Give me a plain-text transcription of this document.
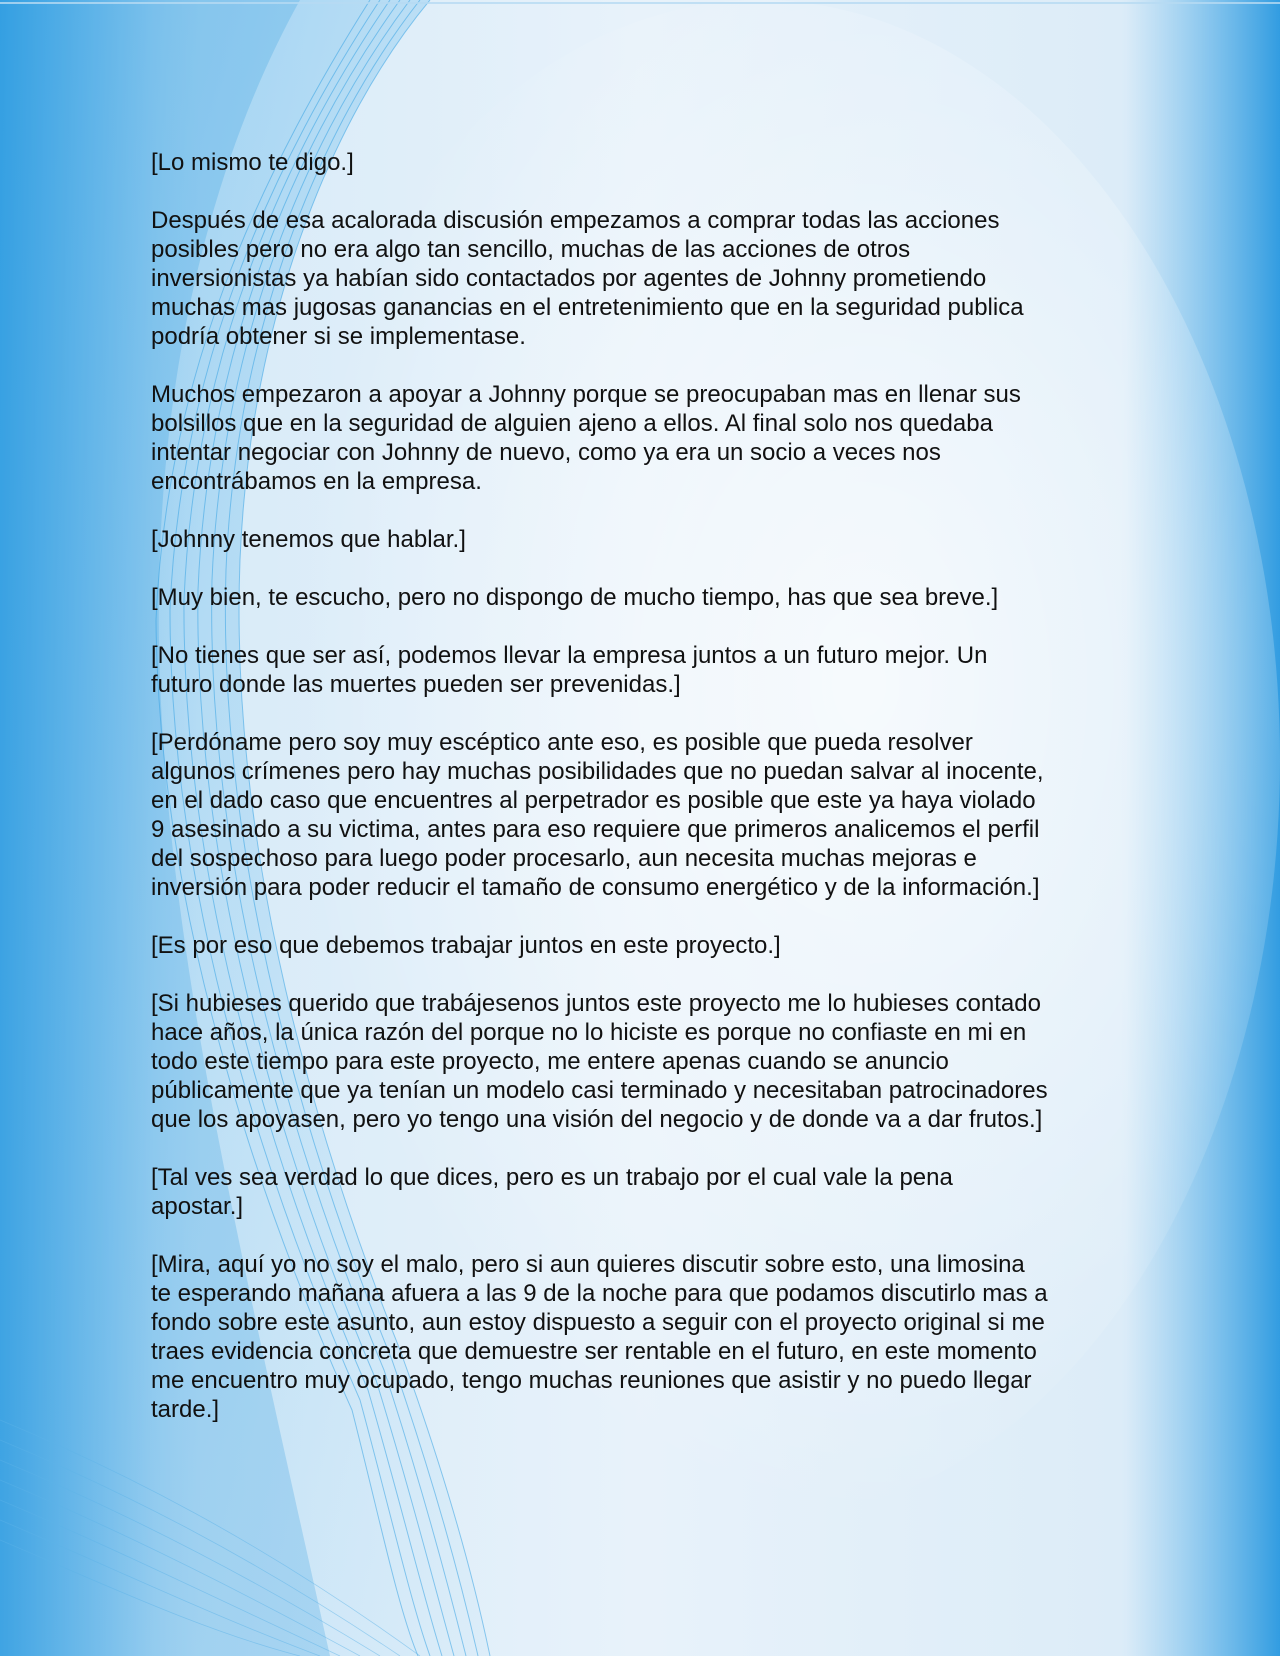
[Lo mismo te digo.]

Después de esa acalorada discusión empezamos a comprar todas las acciones
posibles pero no era algo tan sencillo, muchas de las acciones de otros
inversionistas ya habían sido contactados por agentes de Johnny prometiendo
muchas mas jugosas ganancias en el entretenimiento que en la seguridad publica
podría obtener si se implementase.

Muchos empezaron a apoyar a Johnny porque se preocupaban mas en llenar sus
bolsillos que en la seguridad de alguien ajeno a ellos. Al final solo nos quedaba
intentar negociar con Johnny de nuevo, como ya era un socio a veces nos
encontrábamos en la empresa.

[Johnny tenemos que hablar.]

[Muy bien, te escucho, pero no dispongo de mucho tiempo, has que sea breve.]

[No tienes que ser así, podemos llevar la empresa juntos a un futuro mejor. Un
futuro donde las muertes pueden ser prevenidas.]

[Perdóname pero soy muy escéptico ante eso, es posible que pueda resolver
algunos crímenes pero hay muchas posibilidades que no puedan salvar al inocente,
en el dado caso que encuentres al perpetrador es posible que este ya haya violado
9 asesinado a su victima, antes para eso requiere que primeros analicemos el perfil
del sospechoso para luego poder procesarlo, aun necesita muchas mejoras e
inversión para poder reducir el tamaño de consumo energético y de la información.]

[Es por eso que debemos trabajar juntos en este proyecto.]

[Si hubieses querido que trabájesenos juntos este proyecto me lo hubieses contado
hace años, la única razón del porque no lo hiciste es porque no confiaste en mi en
todo este tiempo para este proyecto, me entere apenas cuando se anuncio
públicamente que ya tenían un modelo casi terminado y necesitaban patrocinadores
que los apoyasen, pero yo tengo una visión del negocio y de donde va a dar frutos.]

[Tal ves sea verdad lo que dices, pero es un trabajo por el cual vale la pena
apostar.]

[Mira, aquí yo no soy el malo, pero si aun quieres discutir sobre esto, una limosina
te esperando mañana afuera a las 9 de la noche para que podamos discutirlo mas a
fondo sobre este asunto, aun estoy dispuesto a seguir con el proyecto original si me
traes evidencia concreta que demuestre ser rentable en el futuro, en este momento
me encuentro muy ocupado, tengo muchas reuniones que asistir y no puedo llegar
tarde.]
